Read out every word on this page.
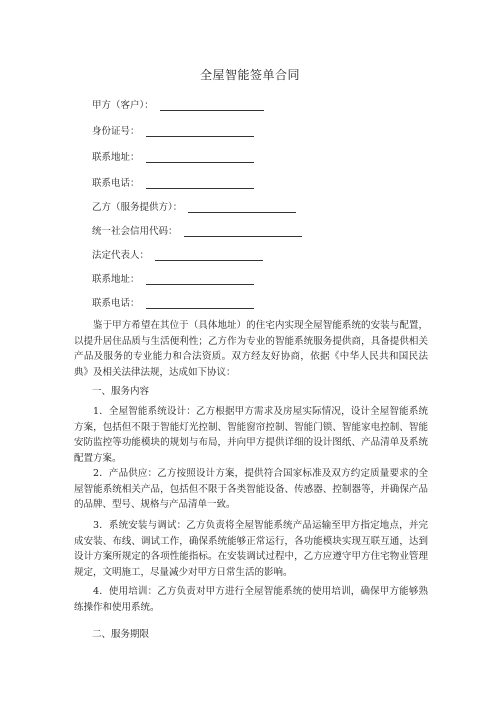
全屋智能签单合同
甲方（客户）：
身份证号：
联系地址：
联系电话：
乙方（服务提供方）：
统一社会信用代码：
法定代表人：
联系地址：
联系电话：
鉴于甲方希望在其位于（具体地址）的住宅内实现全屋智能系统的安装与配置，以提升居住品质与生活便利性；乙方作为专业的智能系统服务提供商，具备提供相关产品及服务的专业能力和合法资质。双方经友好协商，依据《中华人民共和国民法典》及相关法律法规，达成如下协议：
一、服务内容
1．全屋智能系统设计：乙方根据甲方需求及房屋实际情况，设计全屋智能系统方案，包括但不限于智能灯光控制、智能窗帘控制、智能门锁、智能家电控制、智能安防监控等功能模块的规划与布局，并向甲方提供详细的设计图纸、产品清单及系统配置方案。
2．产品供应：乙方按照设计方案，提供符合国家标准及双方约定质量要求的全屋智能系统相关产品，包括但不限于各类智能设备、传感器、控制器等，并确保产品的品牌、型号、规格与产品清单一致。
3．系统安装与调试：乙方负责将全屋智能系统产品运输至甲方指定地点，并完成安装、布线、调试工作，确保系统能够正常运行，各功能模块实现互联互通，达到设计方案所规定的各项性能指标。在安装调试过程中，乙方应遵守甲方住宅物业管理规定，文明施工，尽量减少对甲方日常生活的影响。
4．使用培训：乙方负责对甲方进行全屋智能系统的使用培训，确保甲方能够熟练操作和使用系统。
二、服务期限
